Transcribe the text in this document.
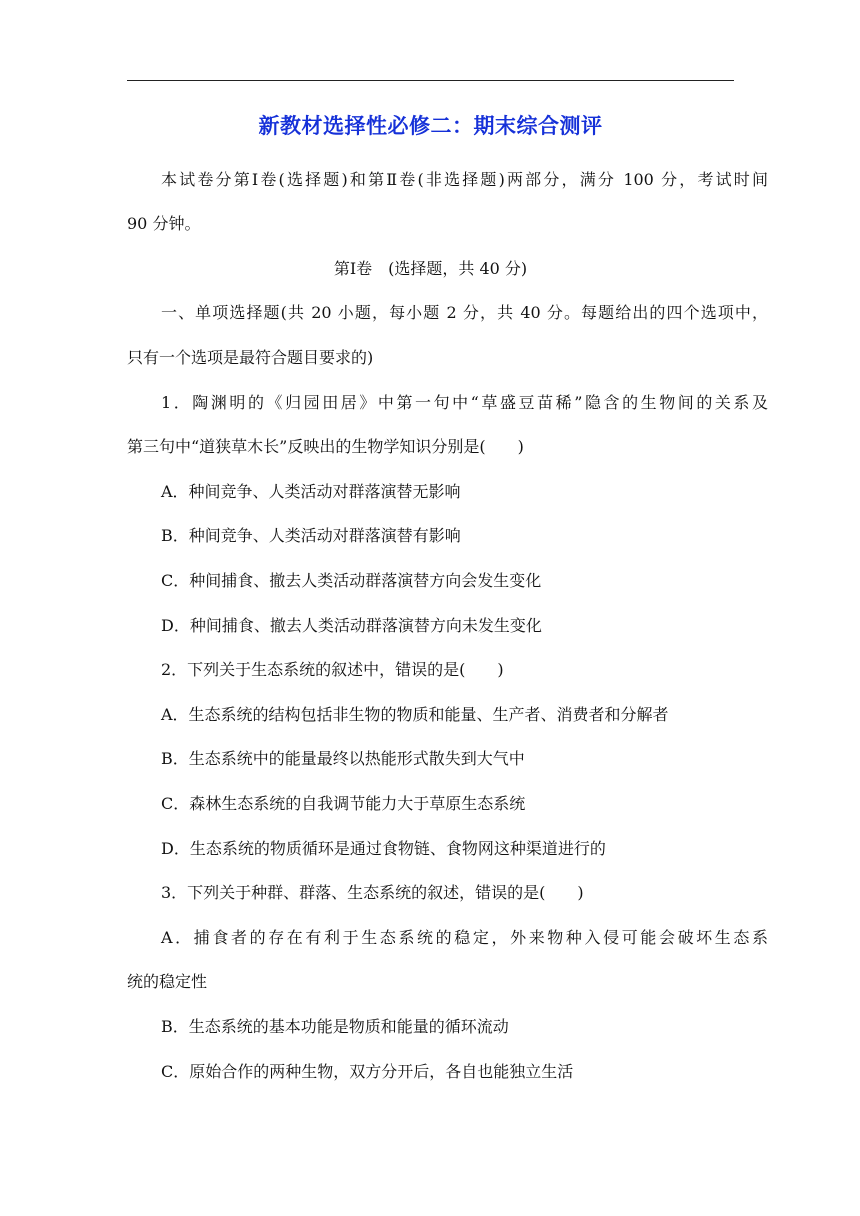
新教材选择性必修二：期末综合测评
本试卷分第Ⅰ卷(选择题)和第Ⅱ卷(非选择题)两部分，满分 100 分，考试时间
90 分钟。
第Ⅰ卷　(选择题，共 40 分)
一、单项选择题(共 20 小题，每小题 2 分，共 40 分。每题给出的四个选项中，
只有一个选项是最符合题目要求的)
1．陶渊明的《归园田居》中第一句中“草盛豆苗稀”隐含的生物间的关系及
第三句中“道狭草木长”反映出的生物学知识分别是(　　)
A．种间竞争、人类活动对群落演替无影响
B．种间竞争、人类活动对群落演替有影响
C．种间捕食、撤去人类活动群落演替方向会发生变化
D．种间捕食、撤去人类活动群落演替方向未发生变化
2．下列关于生态系统的叙述中，错误的是(　　)
A．生态系统的结构包括非生物的物质和能量、生产者、消费者和分解者
B．生态系统中的能量最终以热能形式散失到大气中
C．森林生态系统的自我调节能力大于草原生态系统
D．生态系统的物质循环是通过食物链、食物网这种渠道进行的
3．下列关于种群、群落、生态系统的叙述，错误的是(　　)
A．捕食者的存在有利于生态系统的稳定，外来物种入侵可能会破坏生态系
统的稳定性
B．生态系统的基本功能是物质和能量的循环流动
C．原始合作的两种生物，双方分开后，各自也能独立生活
